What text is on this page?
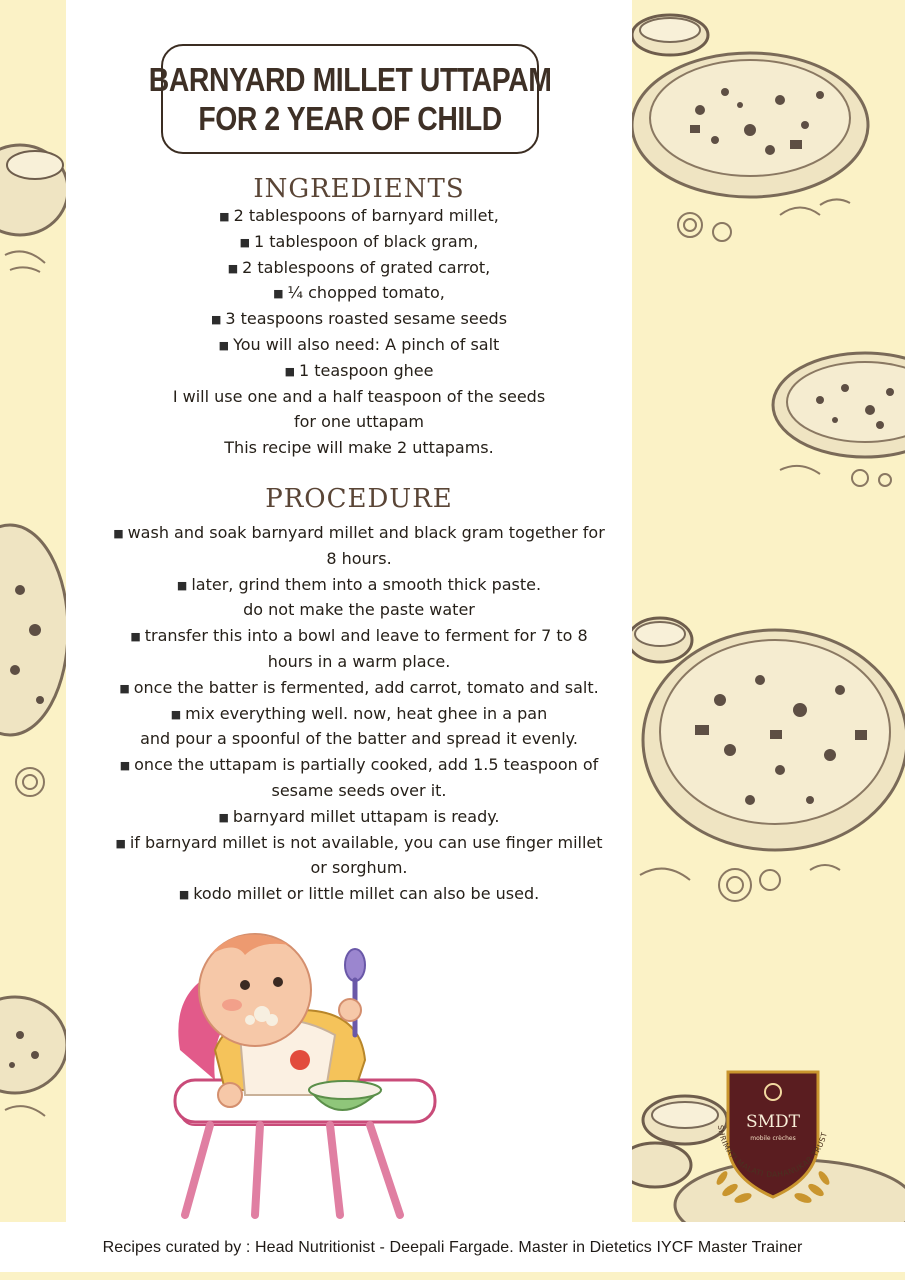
BARNYARD MILLET UTTAPAM
FOR 2 YEAR OF CHILD
INGREDIENTS
■ 2 tablespoons of barnyard millet,
■ 1 tablespoon of black gram,
■ 2 tablespoons of grated carrot,
■ ¼ chopped tomato,
■ 3 teaspoons roasted sesame seeds
■ You will also need: A pinch of salt
■ 1 teaspoon ghee
I will use one and a half teaspoon of the seeds
for one uttapam
This recipe will make 2 uttapams.
PROCEDURE
■ wash and soak barnyard millet and black gram together for
8 hours.
■ later, grind them into a smooth thick paste.
do not make the paste water
■ transfer this into a bowl and leave to ferment for 7 to 8
hours in a warm place.
■ once the batter is fermented, add carrot, tomato and salt.
■ mix everything well. now, heat ghee in a pan
and pour a spoonful of the batter and spread it evenly.
■ once the uttapam is partially cooked, add 1.5 teaspoon of
sesame seeds over it.
■ barnyard millet uttapam is ready.
■ if barnyard millet is not available, you can use finger millet
or sorghum.
■ kodo millet or little millet can also be used.
SMDT
mobile crèches
SHRIMATI MALATI DAHANUKAR TRUST
Recipes curated by : Head Nutritionist - Deepali Fargade. Master in Dietetics IYCF Master Trainer
